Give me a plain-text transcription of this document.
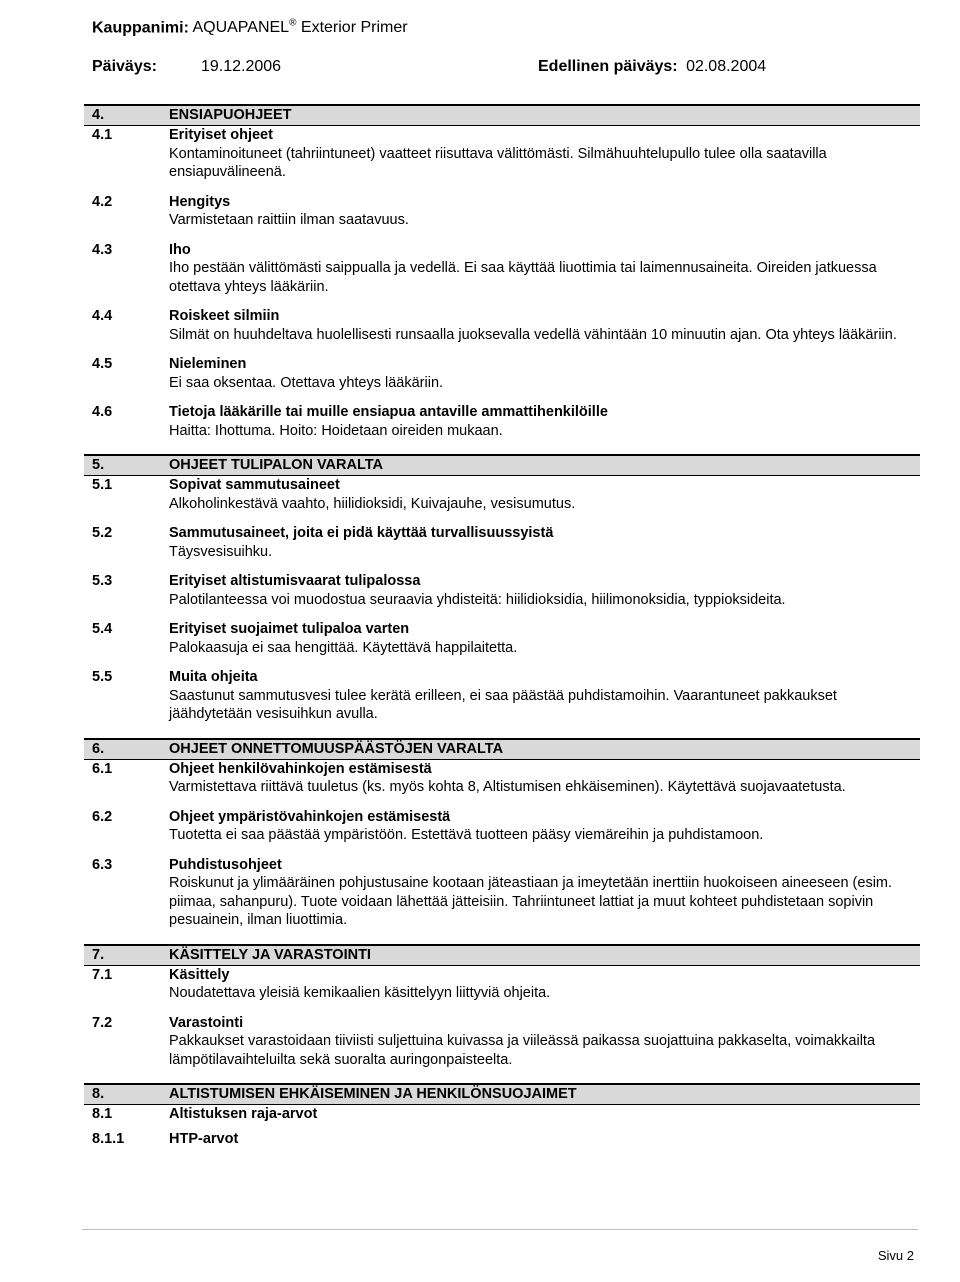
Kauppanimi: AQUAPANEL® Exterior Primer
Päiväys:	19.12.2006	Edellinen päiväys: 02.08.2004
4.	ENSIAPUOHJEET
4.1	Erityiset ohjeet
Kontaminoituneet (tahriintuneet) vaatteet riisuttava välittömästi. Silmähuuhtelupullo tulee olla saatavilla ensiapuvälineenä.
4.2	Hengitys
Varmistetaan raittiin ilman saatavuus.
4.3	Iho
Iho pestään välittömästi saippualla ja vedellä. Ei saa käyttää liuottimia tai laimennusaineita. Oireiden jatkuessa otettava yhteys lääkäriin.
4.4	Roiskeet silmiin
Silmät on huuhdeltava huolellisesti runsaalla juoksevalla vedellä vähintään 10 minuutin ajan. Ota yhteys lääkäriin.
4.5	Nieleminen
Ei saa oksentaa. Otettava yhteys lääkäriin.
4.6	Tietoja lääkärille tai muille ensiapua antaville ammattihenkilöille
Haitta: Ihottuma. Hoito: Hoidetaan oireiden mukaan.
5.	OHJEET TULIPALON VARALTA
5.1	Sopivat sammutusaineet
Alkoholinkestävä vaahto, hiilidioksidi, Kuivajauhe, vesisumutus.
5.2	Sammutusaineet, joita ei pidä käyttää turvallisuussyistä
Täysvesisuihku.
5.3	Erityiset altistumisvaarat tulipalossa
Palotilanteessa voi muodostua seuraavia yhdisteitä: hiilidioksidia, hiilimonoksidia, typpioksideita.
5.4	Erityiset suojaimet tulipaloa varten
Palokaasuja ei saa hengittää. Käytettävä happilaitetta.
5.5	Muita ohjeita
Saastunut sammutusvesi tulee kerätä erilleen, ei saa päästää puhdistamoihin. Vaarantuneet pakkaukset jäähdytetään vesisuihkun avulla.
6.	OHJEET ONNETTOMUUSPÄÄSTÖJEN VARALTA
6.1	Ohjeet henkilövahinkojen estämisestä
Varmistettava riittävä tuuletus (ks. myös kohta 8, Altistumisen ehkäiseminen). Käytettävä suojavaatetusta.
6.2	Ohjeet ympäristövahinkojen estämisestä
Tuotetta ei saa päästää ympäristöön. Estettävä tuotteen pääsy viemäreihin ja puhdistamoon.
6.3	Puhdistusohjeet
Roiskunut ja ylimääräinen pohjustusaine kootaan jäteastiaan ja imeytetään inerttiin huokoiseen aineeseen (esim. piimaa, sahanpuru). Tuote voidaan lähettää jätteisiin. Tahriintuneet lattiat ja muut kohteet puhdistetaan sopivin pesuainein, ilman liuottimia.
7.	KÄSITTELY JA VARASTOINTI
7.1	Käsittely
Noudatettava yleisiä kemikaalien käsittelyyn liittyviä ohjeita.
7.2	Varastointi
Pakkaukset varastoidaan tiiviisti suljettuina kuivassa ja viileässä paikassa suojattuina pakkaselta, voimakkailta lämpötilavaihteluilta sekä suoralta auringonpaisteelta.
8.	ALTISTUMISEN EHKÄISEMINEN JA HENKILÖNSUOJAIMET
8.1	Altistuksen raja-arvot
8.1.1	HTP-arvot
Sivu 2
